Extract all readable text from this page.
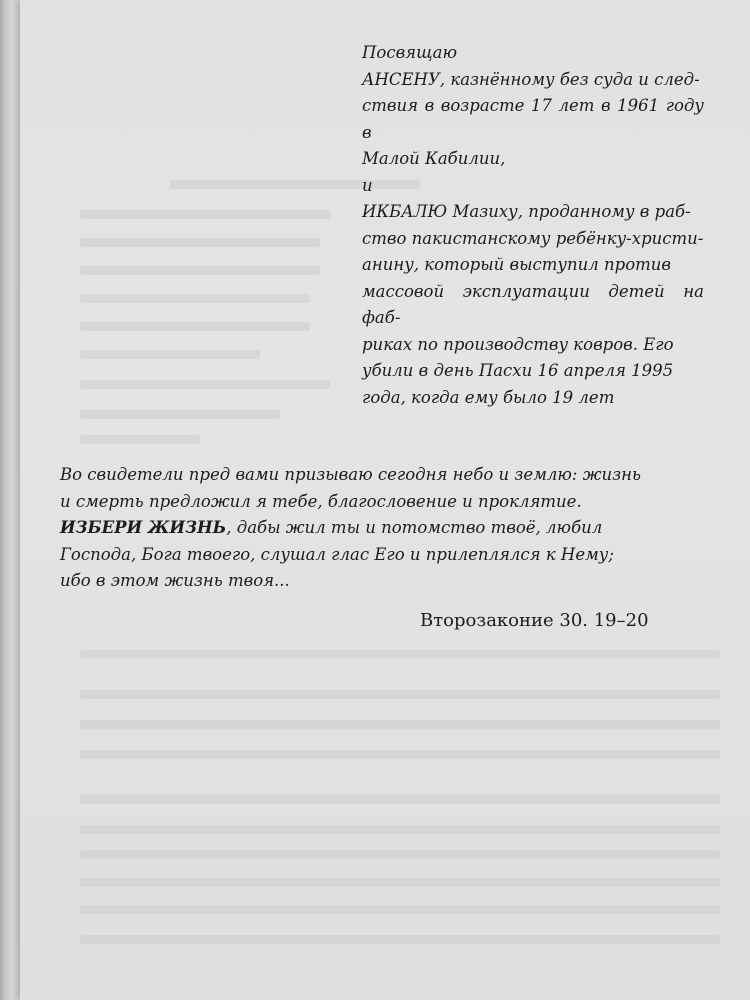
Посвящаю

АНСЕНУ, казнённому без суда и след-

ствия в возрасте 17 лет в 1961 году в

Малой Кабилии,

и

ИКБАЛЮ Мазиху, проданному в раб-

ство пакистанскому ребёнку-христи-

анину, который выступил против

массовой эксплуатации детей на фаб-

риках по производству ковров. Его

убили в день Пасхи 16 апреля 1995

года, когда ему было 19 лет

Во свидетели пред вами призываю сегодня небо и землю: жизнь
и смерть предложил я тебе, благословение и проклятие.
ИЗБЕРИ ЖИЗНЬ, дабы жил ты и потомство твоё, любил
Господа, Бога твоего, слушал глас Его и прилеплялся к Нему;
ибо в этом жизнь твоя...
Второзаконие 30. 19–20
